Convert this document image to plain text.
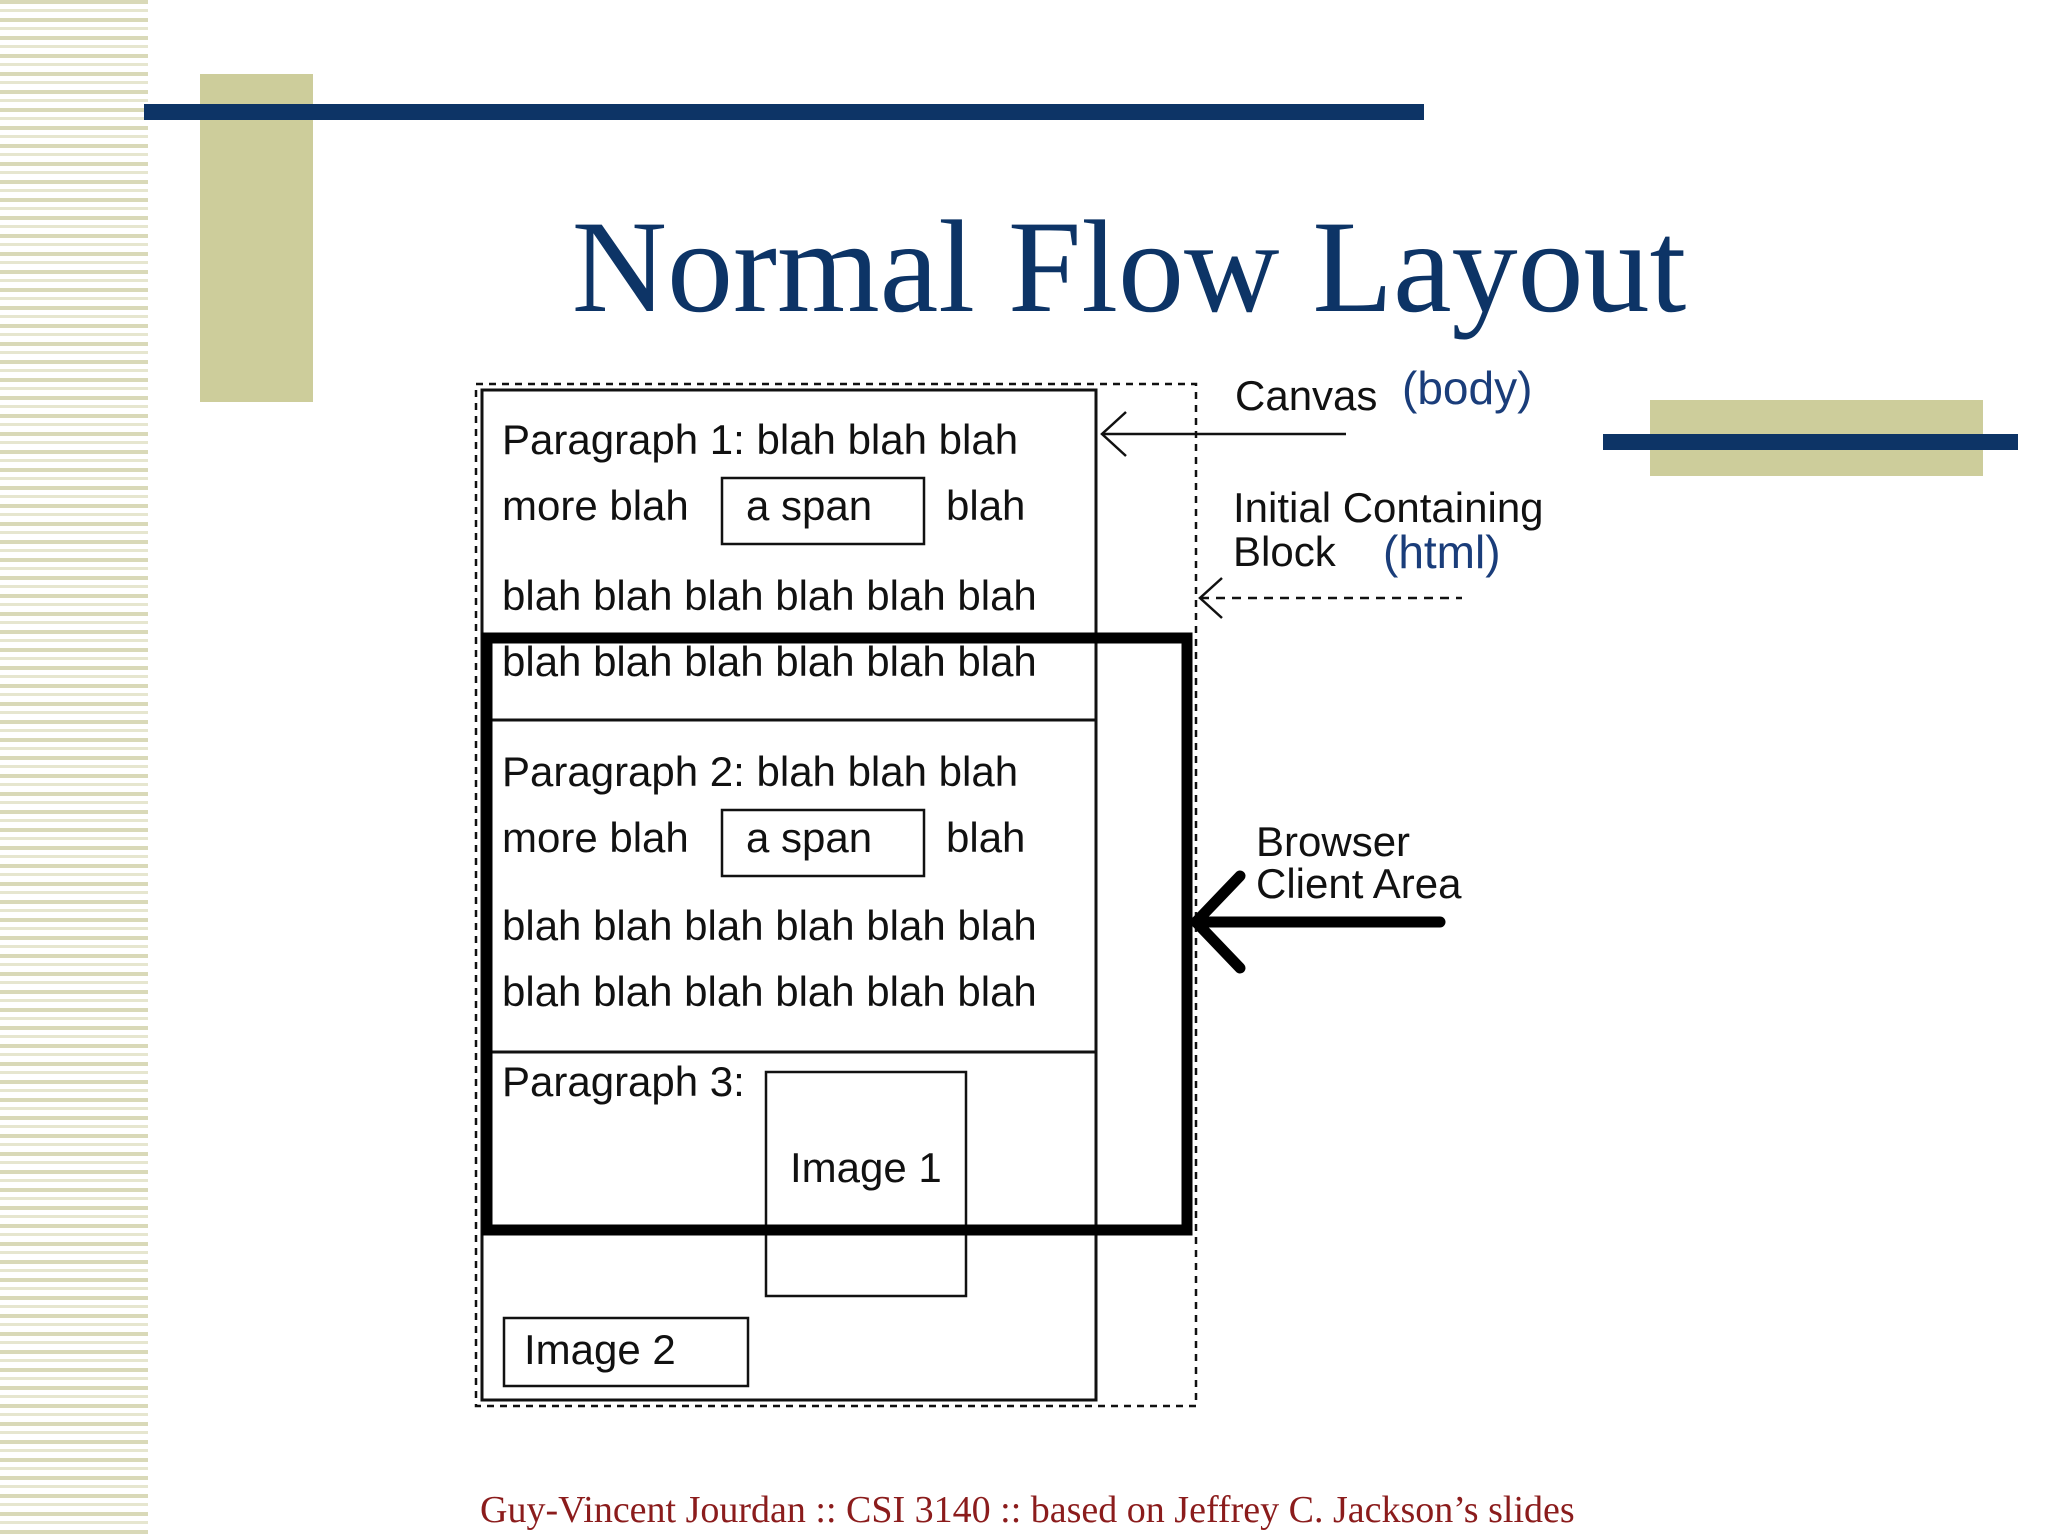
Normal Flow Layout
Paragraph 1: blah blah blah
more blah a span blah
blah blah blah blah blah blah
blah blah blah blah blah blah
Paragraph 2: blah blah blah
more blah a span blah
blah blah blah blah blah blah
blah blah blah blah blah blah
Paragraph 3:
Image 1
Image 2
Canvas (body)
Initial Containing
Block (html)
Browser
Client Area
Guy-Vincent Jourdan :: CSI 3140 :: based on Jeffrey C. Jackson’s slides
